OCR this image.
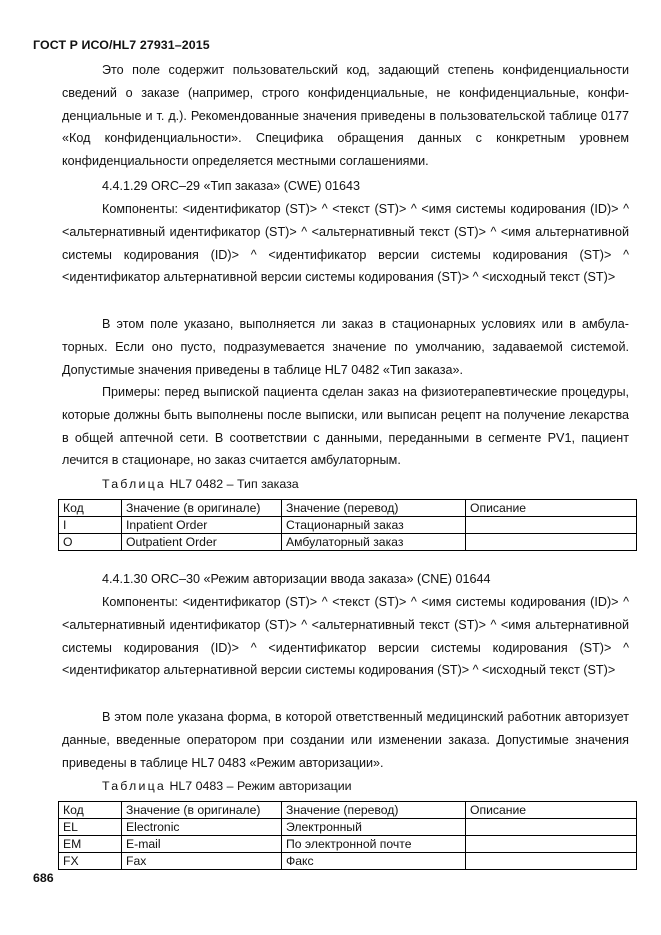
ГОСТ Р ИСО/HL7 27931–2015

Это поле содержит пользовательский код, задающий степень конфиденциальности сведений о заказе (например, строго конфиденциальные, не конфиденциальные, конфиденциальные и т. д.). Рекомендованные значения приведены в пользовательской таблице 0177 «Код конфиденциальности». Специфика обращения данных с конкретным уровнем конфиденциальности определяется местными соглашениями.

4.4.1.29 ORC–29 «Тип заказа» (CWE) 01643

Компоненты: <идентификатор (ST)> ^ <текст (ST)> ^ <имя системы кодирования (ID)> ^ <альтернативный идентификатор (ST)> ^ <альтернативный текст (ST)> ^ <имя альтернативной системы кодирования (ID)> ^ <идентификатор версии системы кодирования (ST)> ^ <идентификатор альтернативной версии системы кодирования (ST)> ^ <исходный текст (ST)>

В этом поле указано, выполняется ли заказ в стационарных условиях или в амбулаторных. Если оно пусто, подразумевается значение по умолчанию, задаваемой системой. Допустимые значения приведены в таблице HL7 0482 «Тип заказа».

Примеры: перед выпиской пациента сделан заказ на физиотерапевтические процедуры, которые должны быть выполнены после выписки, или выписан рецепт на получение лекарства в общей аптечной сети. В соответствии с данными, переданными в сегменте PV1, пациент лечится в стационаре, но заказ считается амбулаторным.

Таблица HL7 0482 – Тип заказа
Код	Значение (в оригинале)	Значение (перевод)	Описание
I	Inpatient Order	Стационарный заказ	
O	Outpatient Order	Амбулаторный заказ	
4.4.1.30 ORC–30 «Режим авторизации ввода заказа» (CNE) 01644

Компоненты: <идентификатор (ST)> ^ <текст (ST)> ^ <имя системы кодирования (ID)> ^ <альтернативный идентификатор (ST)> ^ <альтернативный текст (ST)> ^ <имя альтернативной системы кодирования (ID)> ^ <идентификатор версии системы кодирования (ST)> ^ <идентификатор альтернативной версии системы кодирования (ST)> ^ <исходный текст (ST)>

В этом поле указана форма, в которой ответственный медицинский работник авторизует данные, введенные оператором при создании или изменении заказа. Допустимые значения приведены в таблице HL7 0483 «Режим авторизации».

Таблица HL7 0483 – Режим авторизации
Код	Значение (в оригинале)	Значение (перевод)	Описание
EL	Electronic	Электронный	
EM	E-mail	По электронной почте	
FX	Fax	Факс	
686
